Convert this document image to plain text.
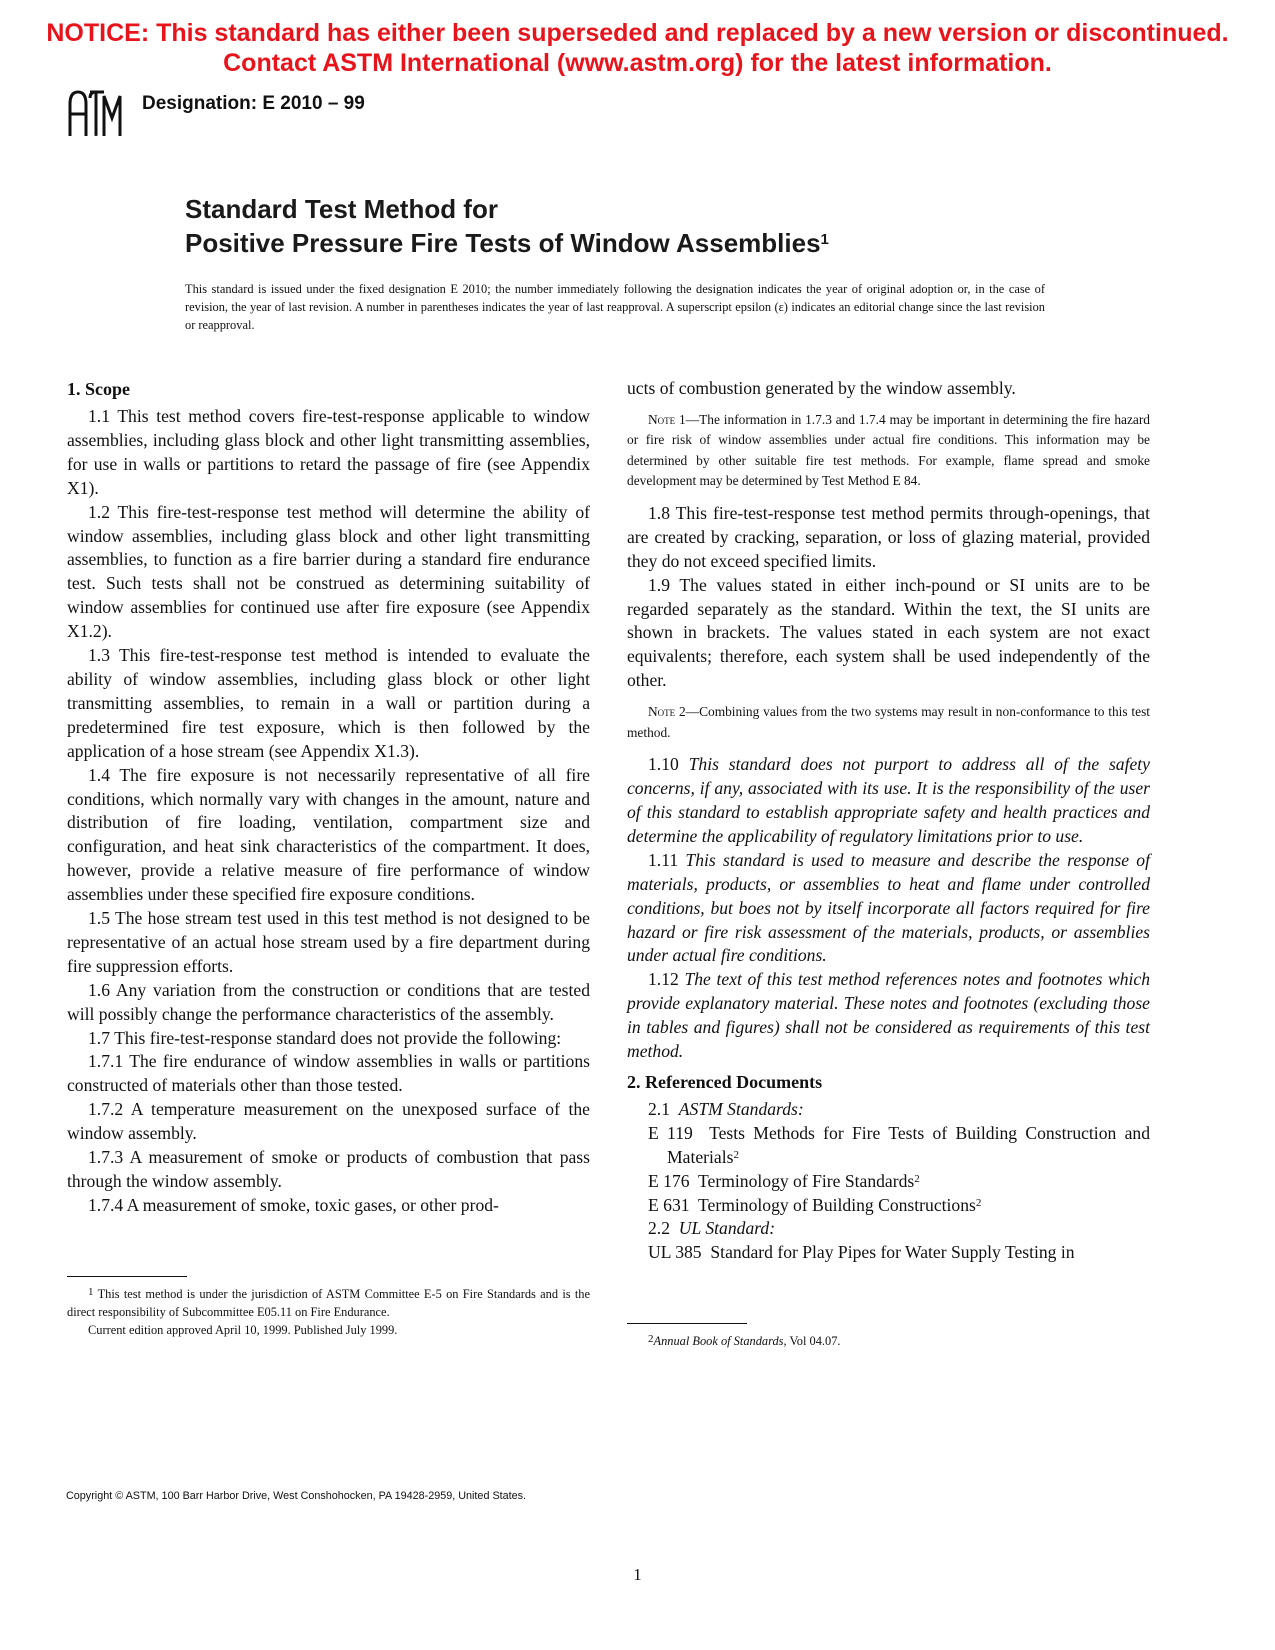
NOTICE: This standard has either been superseded and replaced by a new version or discontinued.
Contact ASTM International (www.astm.org) for the latest information.
ASTM
Designation: E 2010 – 99
Standard Test Method for
Positive Pressure Fire Tests of Window Assemblies$^1$
This standard is issued under the fixed designation E 2010; the number immediately following the designation indicates the year of original adoption or, in the case of revision, the year of last revision. A number in parentheses indicates the year of last reapproval. A superscript epsilon (ε) indicates an editorial change since the last revision or reapproval.
1. Scope

1.1 This test method covers fire-test-response applicable to window assemblies, including glass block and other light transmitting assemblies, for use in walls or partitions to retard the passage of fire (see Appendix X1).

1.2 This fire-test-response test method will determine the ability of window assemblies, including glass block and other light transmitting assemblies, to function as a fire barrier during a standard fire endurance test. Such tests shall not be construed as determining suitability of window assemblies for continued use after fire exposure (see Appendix X1.2).

1.3 This fire-test-response test method is intended to evaluate the ability of window assemblies, including glass block or other light transmitting assemblies, to remain in a wall or partition during a predetermined fire test exposure, which is then followed by the application of a hose stream (see Appendix X1.3).

1.4 The fire exposure is not necessarily representative of all fire conditions, which normally vary with changes in the amount, nature and distribution of fire loading, ventilation, compartment size and configuration, and heat sink characteristics of the compartment. It does, however, provide a relative measure of fire performance of window assemblies under these specified fire exposure conditions.

1.5 The hose stream test used in this test method is not designed to be representative of an actual hose stream used by a fire department during fire suppression efforts.

1.6 Any variation from the construction or conditions that are tested will possibly change the performance characteristics of the assembly.

1.7 This fire-test-response standard does not provide the following:

1.7.1 The fire endurance of window assemblies in walls or partitions constructed of materials other than those tested.

1.7.2 A temperature measurement on the unexposed surface of the window assembly.

1.7.3 A measurement of smoke or products of combustion that pass through the window assembly.

1.7.4 A measurement of smoke, toxic gases, or other prod-

$^1$ This test method is under the jurisdiction of ASTM Committee E-5 on Fire Standards and is the direct responsibility of Subcommittee E05.11 on Fire Endurance.

Current edition approved April 10, 1999. Published July 1999.

ucts of combustion generated by the window assembly.

Note 1—The information in 1.7.3 and 1.7.4 may be important in determining the fire hazard or fire risk of window assemblies under actual fire conditions. This information may be determined by other suitable fire test methods. For example, flame spread and smoke development may be determined by Test Method E 84.

1.8 This fire-test-response test method permits through-openings, that are created by cracking, separation, or loss of glazing material, provided they do not exceed specified limits.

1.9 The values stated in either inch-pound or SI units are to be regarded separately as the standard. Within the text, the SI units are shown in brackets. The values stated in each system are not exact equivalents; therefore, each system shall be used independently of the other.

Note 2—Combining values from the two systems may result in non-conformance to this test method.

1.10 This standard does not purport to address all of the safety concerns, if any, associated with its use. It is the responsibility of the user of this standard to establish appropriate safety and health practices and determine the applicability of regulatory limitations prior to use.

1.11 This standard is used to measure and describe the response of materials, products, or assemblies to heat and flame under controlled conditions, but boes not by itself incorporate all factors required for fire hazard or fire risk assessment of the materials, products, or assemblies under actual fire conditions.

1.12 The text of this test method references notes and footnotes which provide explanatory material. These notes and footnotes (excluding those in tables and figures) shall not be considered as requirements of this test method.

2. Referenced Documents

2.1 ASTM Standards:

E 119 Tests Methods for Fire Tests of Building Construction and Materials$^2$

E 176 Terminology of Fire Standards$^2$

E 631 Terminology of Building Constructions$^2$

2.2 UL Standard:

UL 385 Standard for Play Pipes for Water Supply Testing in

$^2$Annual Book of Standards, Vol 04.07.

Copyright © ASTM, 100 Barr Harbor Drive, West Conshohocken, PA 19428-2959, United States.
1
